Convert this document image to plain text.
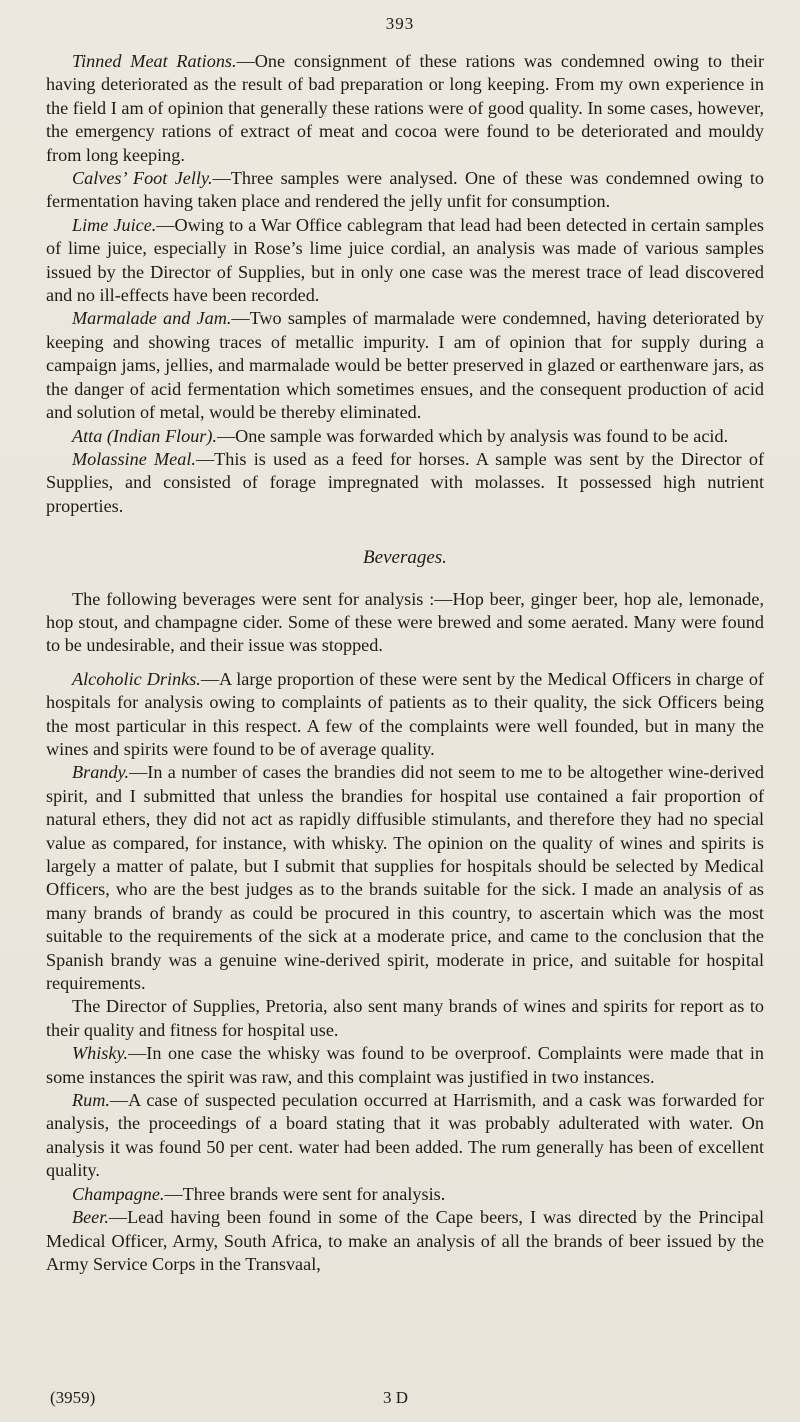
393

Tinned Meat Rations.—One consignment of these rations was condemned owing to their having deteriorated as the result of bad preparation or long keeping. From my own experience in the field I am of opinion that generally these rations were of good quality. In some cases, however, the emergency rations of extract of meat and cocoa were found to be deteriorated and mouldy from long keeping.

Calves’ Foot Jelly.—Three samples were analysed. One of these was condemned owing to fermentation having taken place and rendered the jelly unfit for consumption.

Lime Juice.—Owing to a War Office cablegram that lead had been detected in certain samples of lime juice, especially in Rose’s lime juice cordial, an analysis was made of various samples issued by the Director of Supplies, but in only one case was the merest trace of lead discovered and no ill-effects have been recorded.

Marmalade and Jam.—Two samples of marmalade were condemned, having deteriorated by keeping and showing traces of metallic impurity. I am of opinion that for supply during a campaign jams, jellies, and marmalade would be better preserved in glazed or earthenware jars, as the danger of acid fermentation which sometimes ensues, and the consequent production of acid and solution of metal, would be thereby eliminated.

Atta (Indian Flour).—One sample was forwarded which by analysis was found to be acid.

Molassine Meal.—This is used as a feed for horses. A sample was sent by the Director of Supplies, and consisted of forage impregnated with molasses. It possessed high nutrient properties.

Beverages.

The following beverages were sent for analysis :—Hop beer, ginger beer, hop ale, lemonade, hop stout, and champagne cider. Some of these were brewed and some aerated. Many were found to be undesirable, and their issue was stopped.

Alcoholic Drinks.—A large proportion of these were sent by the Medical Officers in charge of hospitals for analysis owing to complaints of patients as to their quality, the sick Officers being the most particular in this respect. A few of the complaints were well founded, but in many the wines and spirits were found to be of average quality.

Brandy.—In a number of cases the brandies did not seem to me to be altogether wine-derived spirit, and I submitted that unless the brandies for hospital use contained a fair proportion of natural ethers, they did not act as rapidly diffusible stimulants, and therefore they had no special value as compared, for instance, with whisky. The opinion on the quality of wines and spirits is largely a matter of palate, but I submit that supplies for hospitals should be selected by Medical Officers, who are the best judges as to the brands suitable for the sick. I made an analysis of as many brands of brandy as could be procured in this country, to ascertain which was the most suitable to the requirements of the sick at a moderate price, and came to the conclusion that the Spanish brandy was a genuine wine-derived spirit, moderate in price, and suitable for hospital requirements.

The Director of Supplies, Pretoria, also sent many brands of wines and spirits for report as to their quality and fitness for hospital use.

Whisky.—In one case the whisky was found to be overproof. Complaints were made that in some instances the spirit was raw, and this complaint was justified in two instances.

Rum.—A case of suspected peculation occurred at Harrismith, and a cask was forwarded for analysis, the proceedings of a board stating that it was probably adulterated with water. On analysis it was found 50 per cent. water had been added. The rum generally has been of excellent quality.

Champagne.—Three brands were sent for analysis.

Beer.—Lead having been found in some of the Cape beers, I was directed by the Principal Medical Officer, Army, South Africa, to make an analysis of all the brands of beer issued by the Army Service Corps in the Transvaal,

(3959)	3 D
